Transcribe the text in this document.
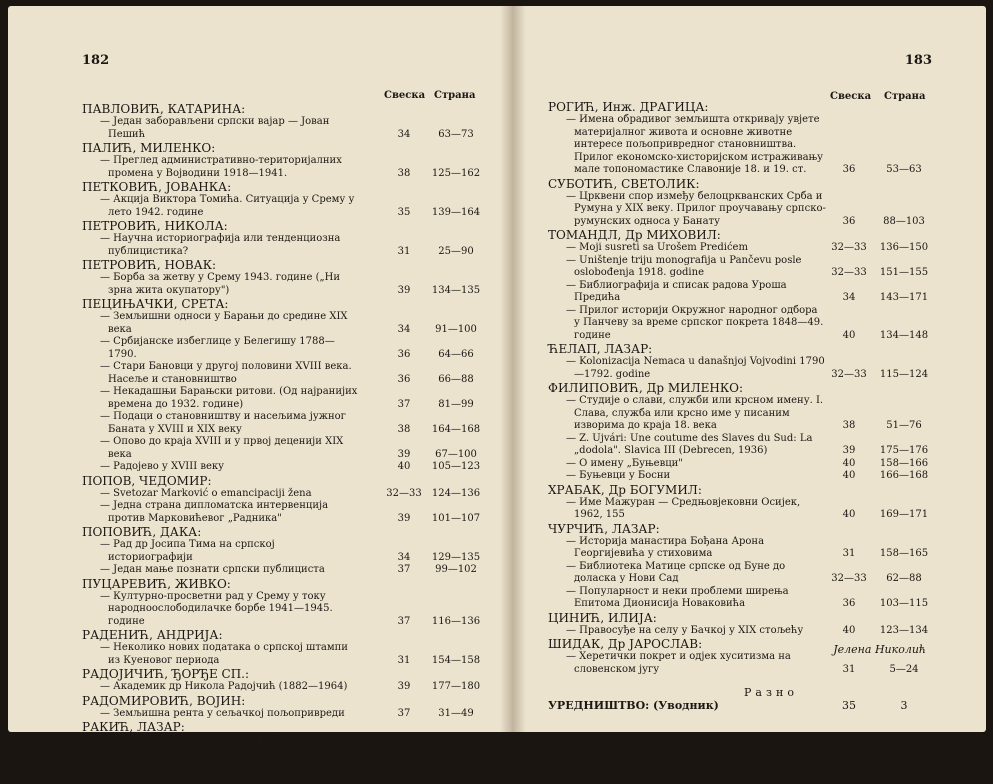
182
Свеска Страна
ПАВЛОВИЋ, КАТАРИНА:
— Један заборављени српски вајар — Јован Пешић	34	63—73
ПАЛИЋ, МИЛЕНКО:
— Преглед административно-територијалних промена у Војводини 1918—1941.	38	125—162
ПЕТКОВИЋ, ЈОВАНКА:
— Акција Виктора Томића. Ситуација у Срему у лето 1942. године	35	139—164
ПЕТРОВИЋ, НИКОЛА:
— Научна историографија или тенденциозна публицистика?	31	25—90
ПЕТРОВИЋ, НОВАК:
— Борба за жетву у Срему 1943. године („Ни зрна жита окупатору")	39	134—135
ПЕЦИЊАЧКИ, СРЕТА:
— Земљишни односи у Барањи до средине XIX века	34	91—100
— Србијанске избеглице у Белегишу 1788—1790.	36	64—66
— Стари Бановци у другој половини XVIII века. Насеље и становништво	36	66—88
— Некадашњи Барањски ритови. (Од најранијих времена до 1932. године)	37	81—99
— Подаци о становништву и насељима јужног Баната у XVIII и XIX веку	38	164—168
— Опово до краја XVIII и у првој деценији XIX века	39	67—100
— Радојево у XVIII веку	40	105—123
ПОПОВ, ЧЕДОМИР:
— Svetozar Marković o emancipaciji žena	32—33	124—136
— Једна страна дипломатска интервенција против Марковићевог „Радника"	39	101—107
ПОПОВИЋ, ДАКА:
— Рад др Јосипа Тима на српској историографији	34	129—135
— Један мање познати српски публициста	37	99—102
ПУЦАРЕВИЋ, ЖИВКО:
— Културно-просветни рад у Срему у току народноослободилачке борбе 1941—1945. године	37	116—136
РАДЕНИЋ, АНДРИЈА:
— Неколико нових података о српској штампи из Куеновог периода	31	154—158
РАДОЈИЧИЋ, ЂОРЂЕ СП.:
— Академик др Никола Радојчић (1882—1964)	39	177—180
РАДОМИРОВИЋ, ВОЈИН:
— Земљишна рента у сељачкој пољопривреди	37	31—49
РАКИЋ, ЛАЗАР:
— Прилог питању прелаза Јаше Томића од социјализма ка радикализму	38	77—99
— Велики Бечкерек револуционарне 1848—1849.	39	5—34
183
Свеска Страна
РОГИЋ, Инж. ДРАГИЦА:
— Имена обрадивог земљишта откривају увјете материјалног живота и основне животне интересе пољопривредног становништва. Прилог економско-хисторијском истраживању мале топономастике Славоније 18. и 19. ст.	36	53—63
СУБОТИЋ, СВЕТОЛИК:
— Црквени спор између белоцркванских Срба и Румуна у XIX веку. Прилог проучавању српско-румунских односа у Банату	36	88—103
ТОМАНДЛ, Др МИХОВИЛ:
— Moji susreti sa Urošem Predićem	32—33	136—150
— Uništenje triju monografija u Pančevu posle oslobođenja 1918. godine	32—33	151—155
— Библиографија и списак радова Уроша Предића	34	143—171
— Прилог историји Окружног народног одбора у Панчеву за време српског покрета 1848—49. године	40	134—148
ЋЕЛАП, ЛАЗАР:
— Kolonizacija Nemaca u današnjoj Vojvodini 1790—1792. godine	32—33	115—124
ФИЛИПОВИЋ, Др МИЛЕНКО:
— Студије о слави, служби или крсном имену. I. Слава, служба или крсно име у писаним изворима до краја 18. века	38	51—76
— Z. Ujvári: Une coutume des Slaves du Sud: La „dodola". Slavica III (Debrecen, 1936)	39	175—176
— О имену „Буњевци"	40	158—166
— Буњевци у Босни	40	166—168
ХРАБАК, Др БОГУМИЛ:
— Име Мажуран — Средњовјековни Осијек, 1962, 155	40	169—171
ЧУРЧИЋ, ЛАЗАР:
— Историја манастира Бођана Арона Георгијевића у стиховима	31	158—165
— Библиотека Матице српске од Буне до доласка у Нови Сад	32—33	62—88
— Популарност и неки проблеми ширења Епитома Дионисија Новаковића	36	103—115
ЦИНИЋ, ИЛИЈА:
— Правосуђе на селу у Бачкој у XIX стољећу	40	123—134
ШИДАК, Др ЈАРОСЛАВ:
— Херетички покрет и одјек хуситизма на словенском југу	31	5—24
Разно
УРЕДНИШТВО: (Уводник)	35	3
Јелена Николић
